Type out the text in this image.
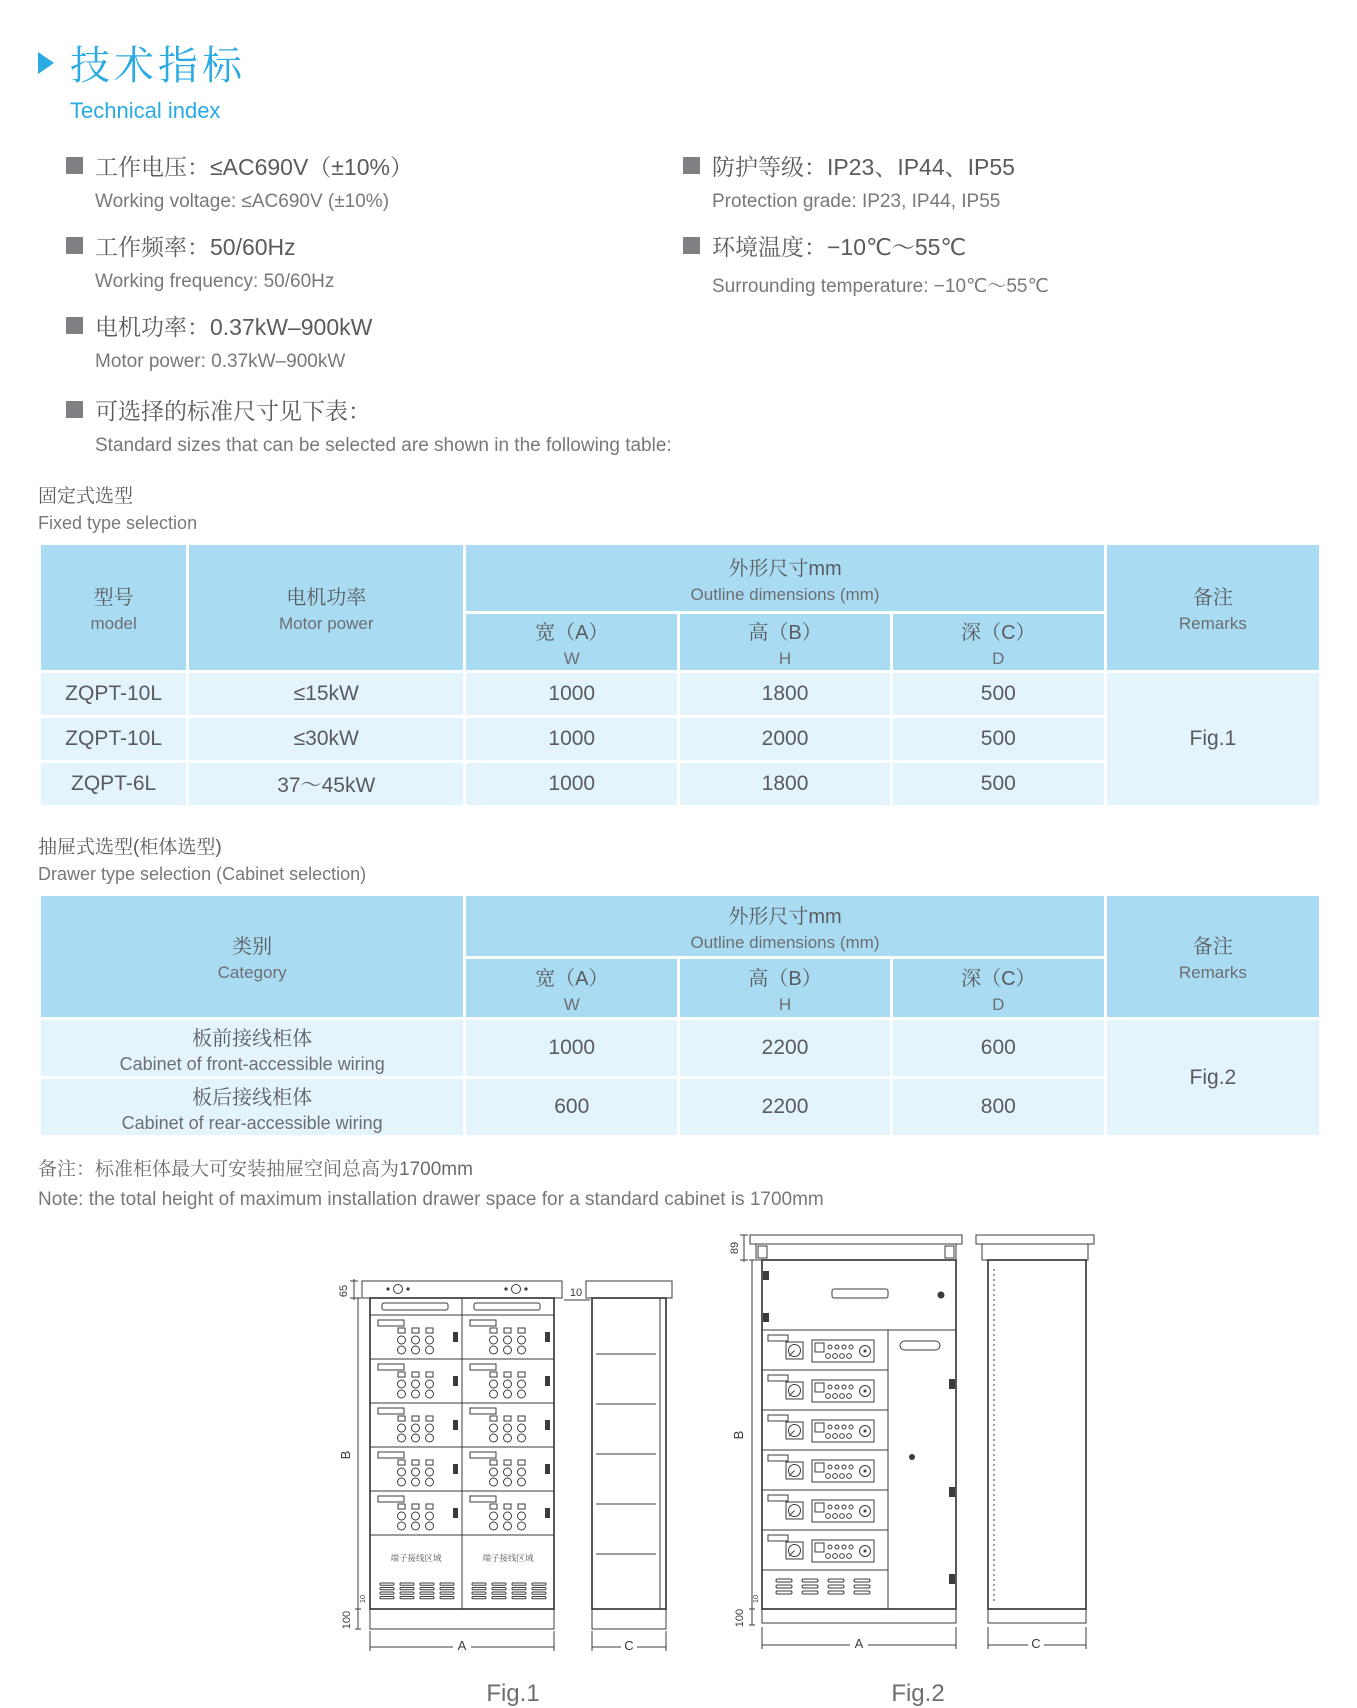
技术指标
Technical index
工作电压：≤AC690V（±10%）
Working voltage: ≤AC690V (±10%)
工作频率：50/60Hz
Working frequency: 50/60Hz
电机功率：0.37kW–900kW
Motor power: 0.37kW–900kW
防护等级：IP23、IP44、IP55
Protection grade: IP23, IP44, IP55
环境温度：−10℃～55℃
Surrounding temperature: −10℃～55℃
可选择的标准尺寸见下表：
Standard sizes that can be selected are shown in the following table:
固定式选型
Fixed type selection
型号
model

电机功率
Motor power

外形尺寸mm
Outline dimensions (mm)	备注
Remarks

宽（A）
W

高（B）
H

深（C）
D

ZQPT-10L	≤15kW	1000	1800	500	Fig.1
ZQPT-10L	≤30kW	1000	2000	500	
ZQPT-6L	37～45kW	1000	1800	500	
抽屉式选型(柜体选型)
Drawer type selection (Cabinet selection)
类别
Category

外形尺寸mm
Outline dimensions (mm)	备注
Remarks

宽（A）
W

高（B）
H

深（C）
D

板前接线柜体
Cabinet of front-accessible wiring	1000	2200	600	Fig.2

板后接线柜体
Cabinet of rear-accessible wiring	600	2200	800	
备注：标准柜体最大可安装抽屉空间总高为1700mm
Note: the total height of maximum installation drawer space for a standard cabinet is 1700mm
65	10
端子接线区域	端子接线区域
B
10
100
A	C
Fig.1
89
B
10
100
A	C
Fig.2
